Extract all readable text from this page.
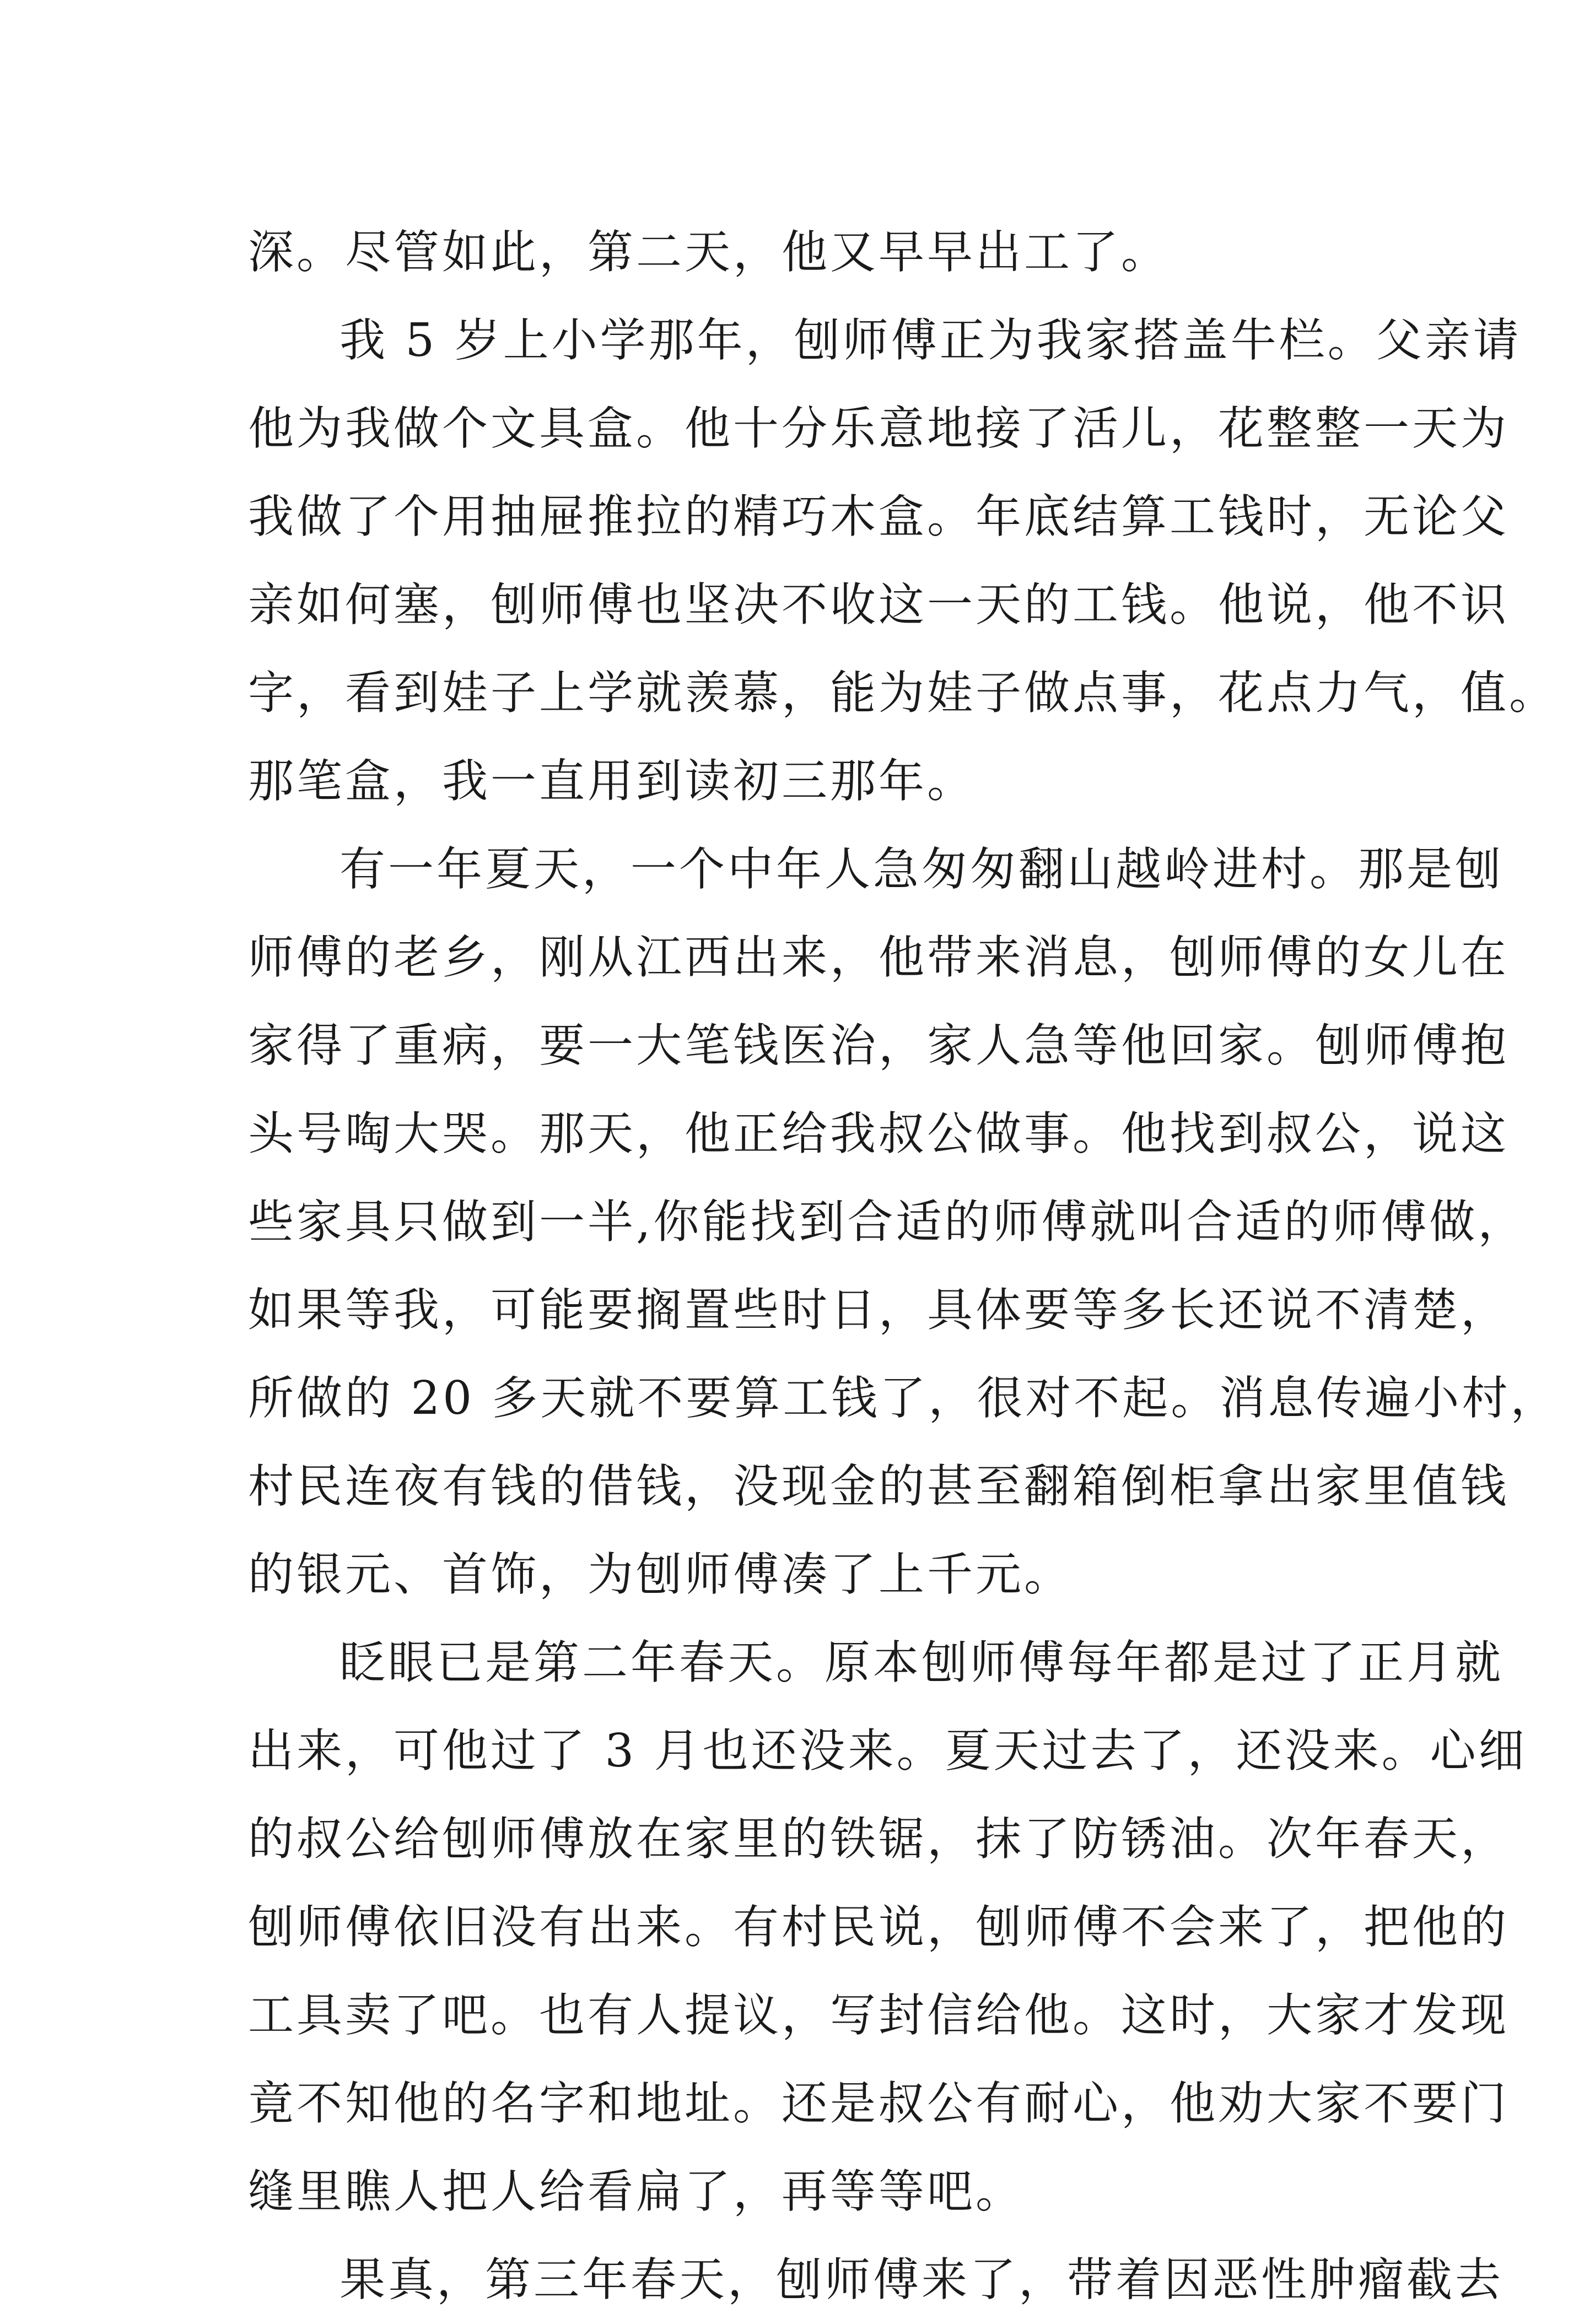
深。尽管如此，第二天，他又早早出工了。
我 5 岁上小学那年，刨师傅正为我家搭盖牛栏。父亲请
他为我做个文具盒。他十分乐意地接了活儿，花整整一天为
我做了个用抽屉推拉的精巧木盒。年底结算工钱时，无论父
亲如何塞，刨师傅也坚决不收这一天的工钱。他说，他不识
字，看到娃子上学就羡慕，能为娃子做点事，花点力气，值。
那笔盒，我一直用到读初三那年。
有一年夏天，一个中年人急匆匆翻山越岭进村。那是刨
师傅的老乡，刚从江西出来，他带来消息，刨师傅的女儿在
家得了重病，要一大笔钱医治，家人急等他回家。刨师傅抱
头号啕大哭。那天，他正给我叔公做事。他找到叔公，说这
些家具只做到一半,你能找到合适的师傅就叫合适的师傅做，
如果等我，可能要搁置些时日，具体要等多长还说不清楚，
所做的 20 多天就不要算工钱了，很对不起。消息传遍小村，
村民连夜有钱的借钱，没现金的甚至翻箱倒柜拿出家里值钱
的银元、首饰，为刨师傅凑了上千元。
眨眼已是第二年春天。原本刨师傅每年都是过了正月就
出来，可他过了 3 月也还没来。夏天过去了，还没来。心细
的叔公给刨师傅放在家里的铁锯，抹了防锈油。次年春天，
刨师傅依旧没有出来。有村民说，刨师傅不会来了，把他的
工具卖了吧。也有人提议，写封信给他。这时，大家才发现
竟不知他的名字和地址。还是叔公有耐心，他劝大家不要门
缝里瞧人把人给看扁了，再等等吧。
果真，第三年春天，刨师傅来了，带着因恶性肿瘤截去
